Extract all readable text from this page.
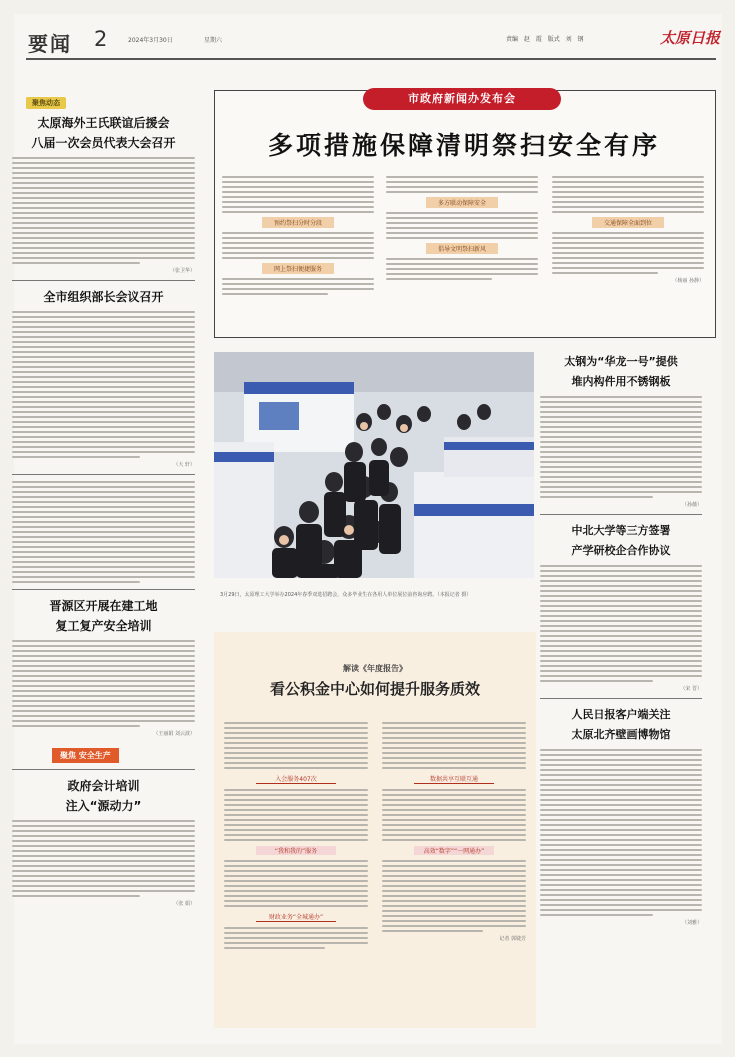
要闻 2	2024年3月30日	星期六	责编 赵 霞 版式 刘 钢	太原日报
聚焦动态
太原海外王氏联谊后援会
八届一次会员代表大会召开
（张卫华）
全市组织部长会议召开
（大 轩）
晋源区开展在建工地
复工复产安全培训
（王丽娟 刘云波）
聚焦 安全生产
政府会计培训
注入“源动力”
（张 娟）
市政府新闻办发布会
多项措施保障清明祭扫安全有序
预约祭扫分时分段
网上祭扫便捷服务
多方联动保障安全
倡导文明祭扫新风
交通保障全面到位
（杨丽 孙静）
3月29日，太原理工大学举办2024年春季双选招聘会，众多毕业生在各用人单位展位前咨询应聘。（本报记者 摄）
解读《年度报告》
看公积金中心如何提升服务质效
入会服务407次
“我和我的”服务
财政业务“全城通办”
数据共享互联互通
高效“数字”“一网通办”
记者 郭婕芳
太钢为“华龙一号”提供
堆内构件用不锈钢板
（孙薇）
中北大学等三方签署
产学研校企合作协议
（宋 晋）
人民日报客户端关注
太原北齐壁画博物馆
（刘雅）
